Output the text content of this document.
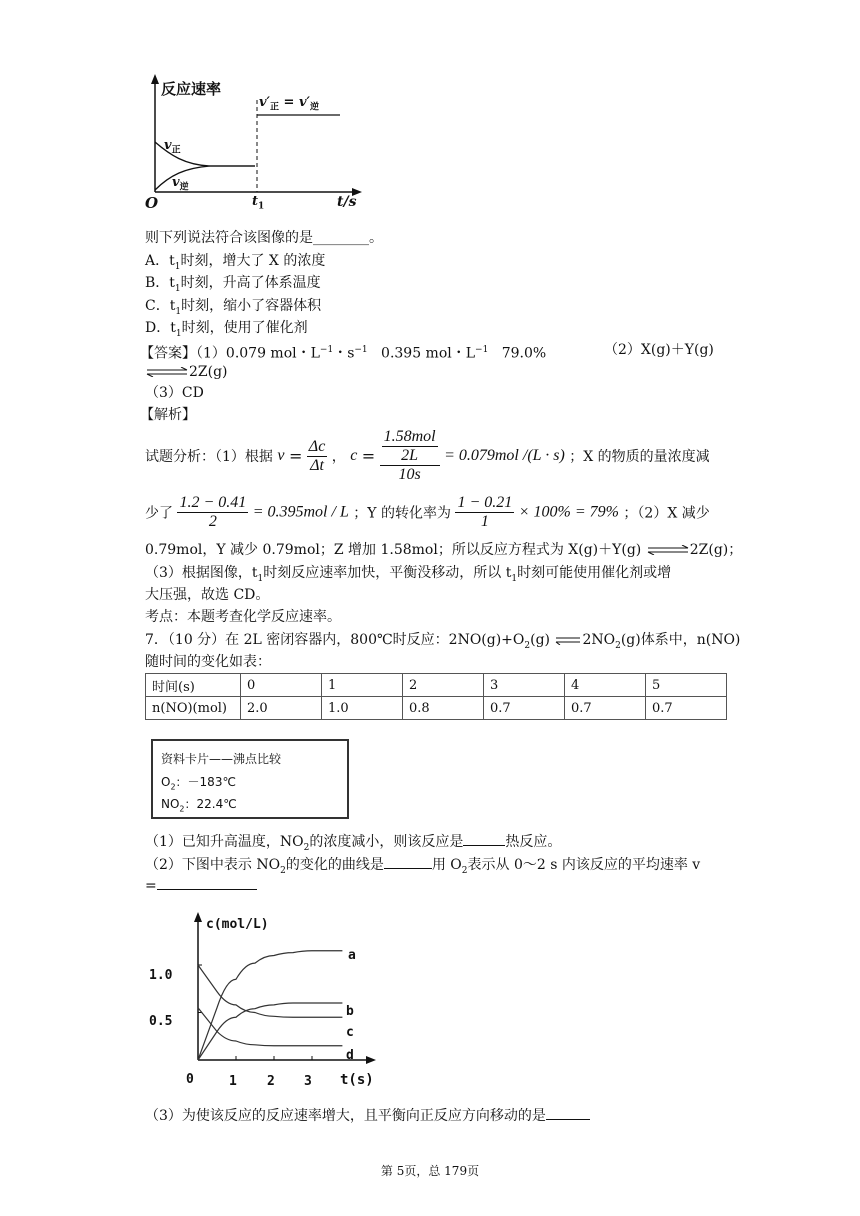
反应速率
$v'_正 = v'_逆$
$v_正$
$v_逆$
O	$t_1$	t/s
则下列说法符合该图像的是________。
A．$t_1$时刻，增大了 X 的浓度
B．$t_1$时刻，升高了体系温度
C．$t_1$时刻，缩小了容器体积
D．$t_1$时刻，使用了催化剂
【答案】（1）0.079 mol・$L^{-1}$・$s^{-1}$ 0.395 mol・$L^{-1}$ 79.0%	（2）X(g)＋Y(g)
⇌2Z(g)
（3）CD
【解析】
试题分析：（1）根据 $v = \frac{\Delta c}{\Delta t}$ ， $c = \frac{\frac{\text{1.58mol}}{2L}}{10s} = 0.079mol$ /(L · s) ；X 的物质的量浓度减
少了 $\frac{1.2 - 0.41}{2} = 0.395mol / L$ ；Y 的转化率为 $\frac{1 - 0.21}{1} \times 100\% = 79\%$ ；（2）X 减少
0.79mol，Y 减少 0.79mol；Z 增加 1.58mol；所以反应方程式为 X(g)＋Y(g) ⇌2Z(g)；
（3）根据图像，$t_1$时刻反应速率加快，平衡没移动，所以 $t_1$时刻可能使用催化剂或增
大压强，故选 CD。
考点：本题考查化学反应速率。
7．（10 分）在 2L 密闭容器内，800℃时反应：$2NO(g)+O_2(g)$ $2NO_2(g)$体系中，n(NO)
随时间的变化如表：
时间(s)	0	1	2	3	4	5
n(NO)(mol)	2.0	1.0	0.8	0.7	0.7	0.7
资料卡片——沸点比较
$O_2$：－183℃
$NO_2$：22.4℃
（1）已知升高温度，$NO_2$的浓度减小，则该反应是	热反应。
（2）下图中表示 $NO_2$的变化的曲线是	用 $O_2$表示从 0～2 s 内该反应的平均速率 v
=
c(mol/L)
1.0
0.5
0	1 2 3 t(s)
a
b
c
d
（3）为使该反应的反应速率增大，且平衡向正反应方向移动的是
第 5页，总 179页
